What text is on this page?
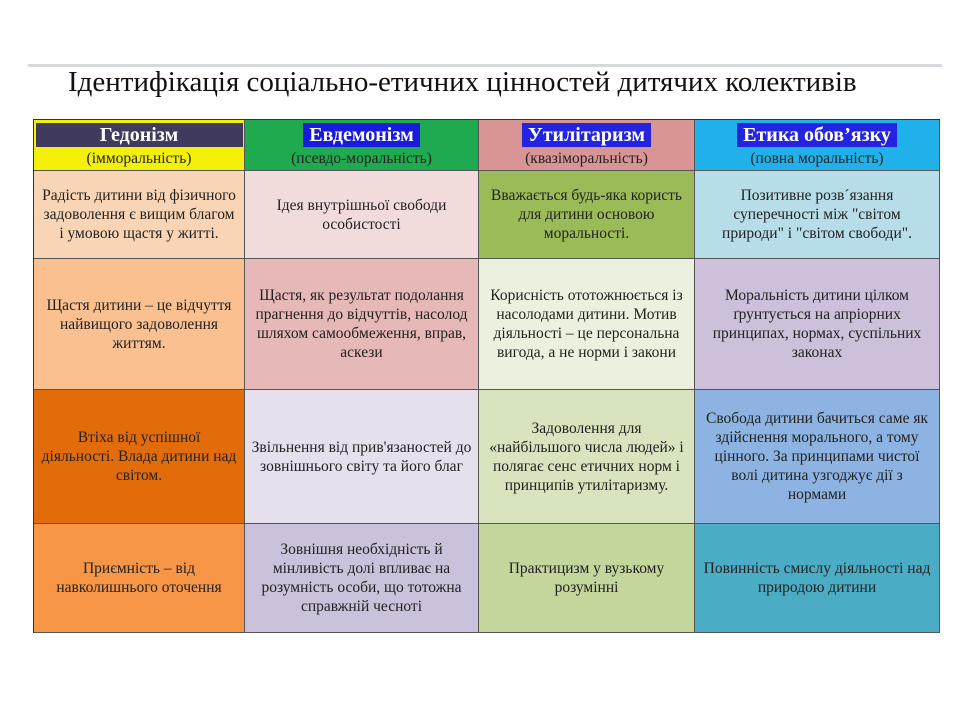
Ідентифікація соціально-етичних цінностей дитячих колективів
Гедонізм
(імморальність)
Евдемонізм
(псевдо-моральність)
Утилітаризм
(квазіморальність)
Етика обов’язку
(повна моральність)
Радість дитини від фізичного задоволення є вищим благом і умовою щастя у житті.
Ідея внутрішньої свободи особистості
Вважається будь-яка користь для дитини основою моральності.
Позитивне розв´язання суперечності між "світом природи" і "світом свободи".
Щастя дитини – це відчуття найвищого задоволення життям.
Щастя, як результат подолання прагнення до відчуттів, насолод шляхом самообмеження, вправ, аскези
Корисність ототожнюється із насолодами дитини. Мотив діяльності – це персональна вигода, а не норми і закони
Моральність дитини цілком ґрунтується на апріорних принципах, нормах, суспільних законах
Втіха від успішної діяльності. Влада дитини над світом.
Звільнення від прив'язаностей до зовнішнього світу та його благ
Задоволення для «найбільшого числа людей» і полягає сенс етичних норм і принципів утилітаризму.
Свобода дитини бачиться саме як здійснення морального, а тому цінного. За принципами чистої волі дитина узгоджує дії з нормами
Приємність – від навколишнього оточення
Зовнішня необхідність й мінливість долі впливає на розумність особи, що тотожна справжній чесноті
Практицизм у вузькому розумінні
Повинність смислу діяльності над природою дитини
